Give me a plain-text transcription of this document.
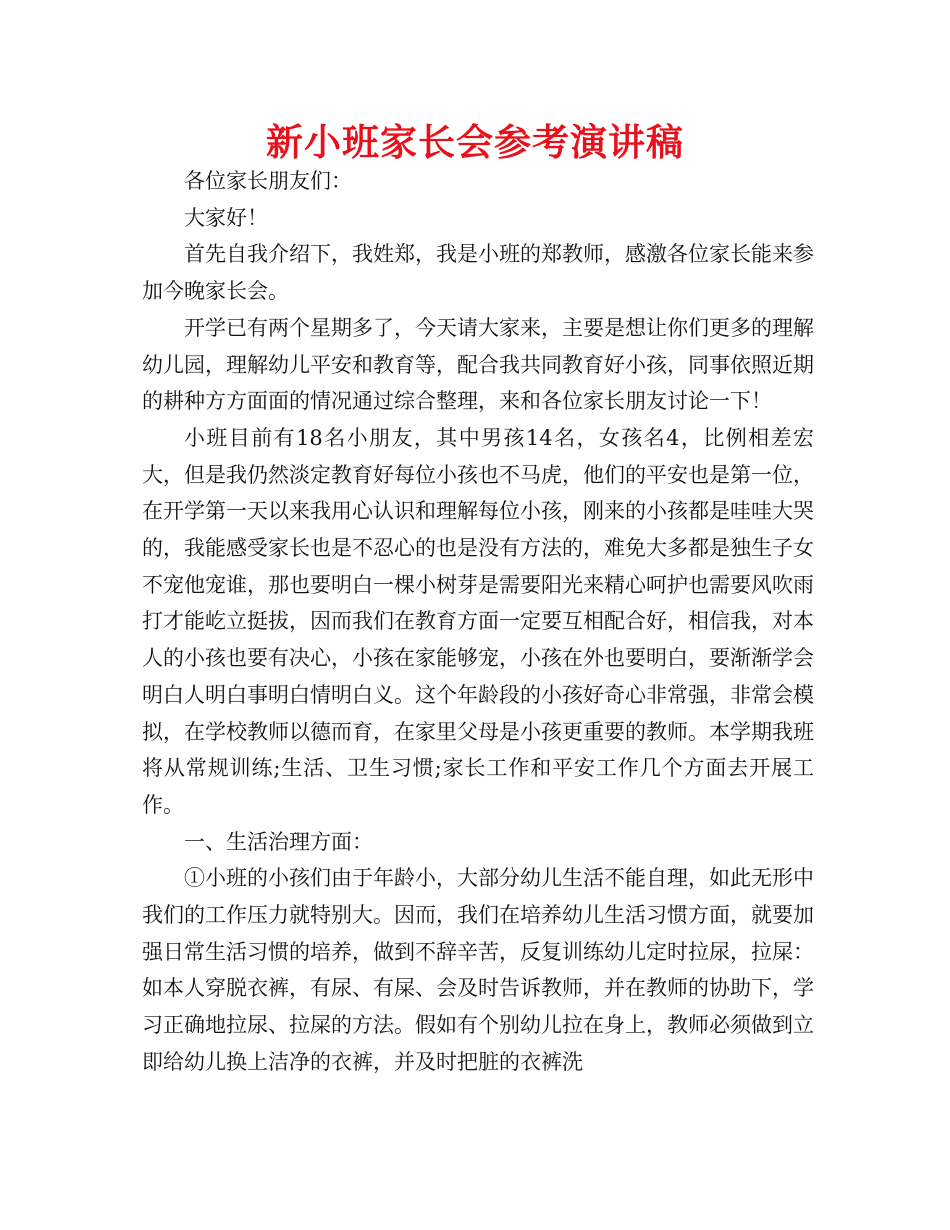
新小班家长会参考演讲稿

各位家长朋友们：

大家好！

首先自我介绍下，我姓郑，我是小班的郑教师，感激各位家长能来参加今晚家长会。

开学已有两个星期多了，今天请大家来，主要是想让你们更多的理解幼儿园，理解幼儿平安和教育等，配合我共同教育好小孩，同事依照近期的耕种方方面面的情况通过综合整理，来和各位家长朋友讨论一下！

小班目前有18名小朋友，其中男孩14名，女孩名4，比例相差宏大，但是我仍然淡定教育好每位小孩也不马虎，他们的平安也是第一位，在开学第一天以来我用心认识和理解每位小孩，刚来的小孩都是哇哇大哭的，我能感受家长也是不忍心的也是没有方法的，难免大多都是独生子女不宠他宠谁，那也要明白一棵小树芽是需要阳光来精心呵护也需要风吹雨打才能屹立挺拔，因而我们在教育方面一定要互相配合好，相信我，对本人的小孩也要有决心，小孩在家能够宠，小孩在外也要明白，要渐渐学会明白人明白事明白情明白义。这个年龄段的小孩好奇心非常强，非常会模拟，在学校教师以德而育，在家里父母是小孩更重要的教师。本学期我班将从常规训练;生活、卫生习惯;家长工作和平安工作几个方面去开展工作。

一、生活治理方面：

①小班的小孩们由于年龄小，大部分幼儿生活不能自理，如此无形中我们的工作压力就特别大。因而，我们在培养幼儿生活习惯方面，就要加强日常生活习惯的培养，做到不辞辛苦，反复训练幼儿定时拉尿，拉屎：如本人穿脱衣裤，有尿、有屎、会及时告诉教师，并在教师的协助下，学习正确地拉尿、拉屎的方法。假如有个别幼儿拉在身上，教师必须做到立即给幼儿换上洁净的衣裤，并及时把脏的衣裤洗
